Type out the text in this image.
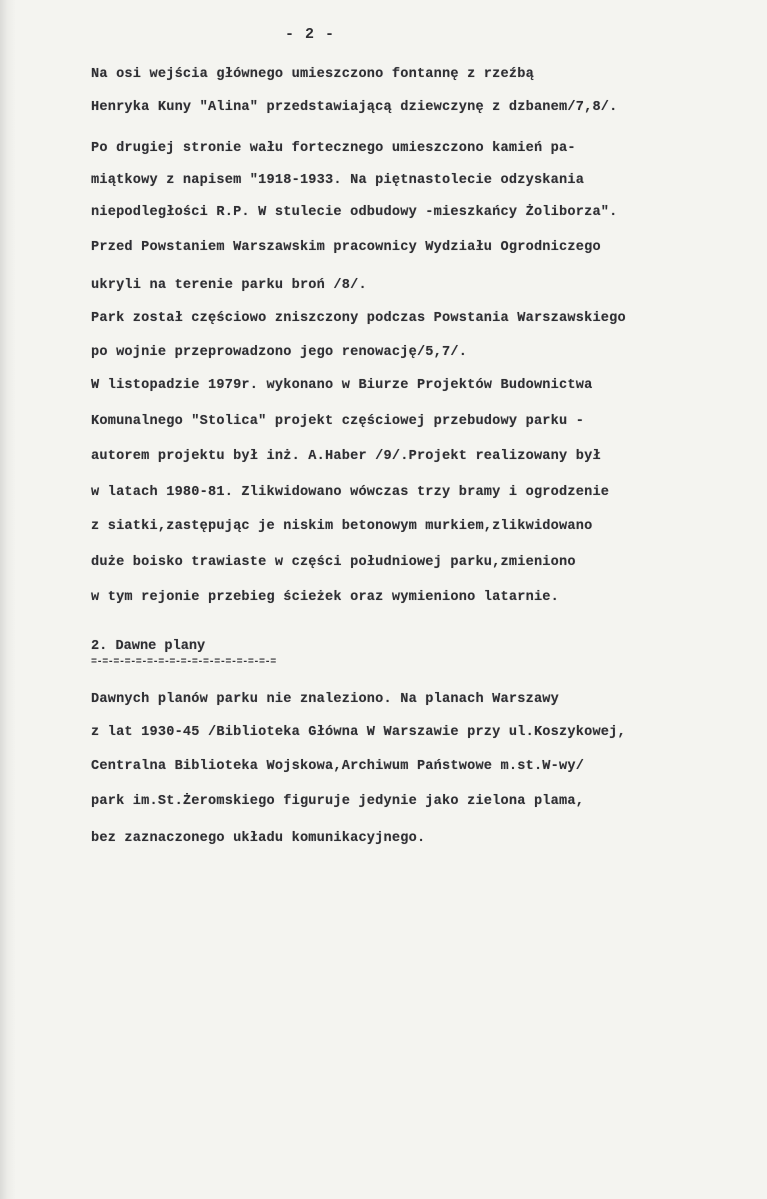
- 2 -
Na osi wejścia głównego umieszczono fontannę z rzeźbą
Henryka Kuny "Alina" przedstawiającą dziewczynę z dzbanem/7,8/.
Po drugiej stronie wału fortecznego umieszczono kamień pa-
miątkowy z napisem "1918-1933. Na piętnastolecie odzyskania
niepodległości R.P. W stulecie odbudowy -mieszkańcy Żoliborza".
Przed Powstaniem Warszawskim pracownicy Wydziału Ogrodniczego
ukryli na terenie parku broń /8/.
Park został częściowo zniszczony podczas Powstania Warszawskiego
po wojnie przeprowadzono jego renowację/5,7/.
W listopadzie 1979r. wykonano w Biurze Projektów Budownictwa
Komunalnego "Stolica" projekt częściowej przebudowy parku -
autorem projektu był inż. A.Haber /9/.Projekt realizowany był
w latach 1980-81. Zlikwidowano wówczas trzy bramy i ogrodzenie
z siatki,zastępując je niskim betonowym murkiem,zlikwidowano
duże boisko trawiaste w części południowej parku,zmieniono
w tym rejonie przebieg ścieżek oraz wymieniono latarnie.
2. Dawne plany
=-=-=-=-=-=-=-=-=-=-=-=-=-=-=-=-=
Dawnych planów parku nie znaleziono. Na planach Warszawy
z lat 1930-45 /Biblioteka Główna W Warszawie przy ul.Koszykowej,
Centralna Biblioteka Wojskowa,Archiwum Państwowe m.st.W-wy/
park im.St.Żeromskiego figuruje jedynie jako zielona plama,
bez zaznaczonego układu komunikacyjnego.
